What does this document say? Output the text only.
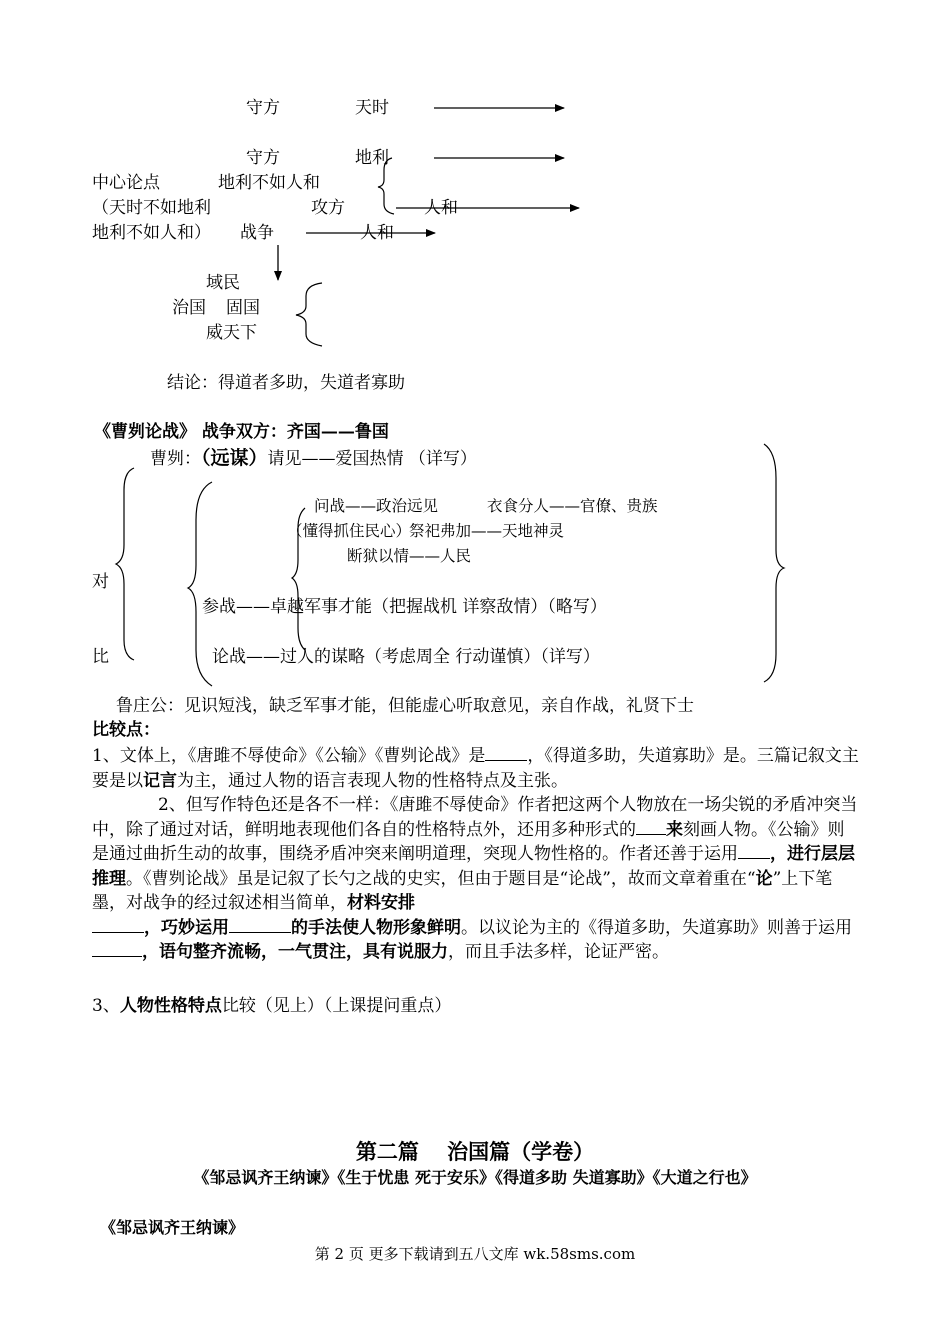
守方	天时
守方	地利
中心论点	地利不如人和
（天时不如地利	攻方	人和
地利不如人和） 战争	人和
域民
治国 固国
威天下
结论：得道者多助，失道者寡助
《曹刿论战》 战争双方：齐国——鲁国
曹刿：（远谋）请见——爱国热情 （详写）
问战——政治远见	衣食分人——官僚、贵族
（懂得抓住民心）
祭祀弗加——天地神灵
断狱以情——人民
对
参战——卓越军事才能（把握战机 详察敌情）（略写）
比	论战——过人的谋略（考虑周全 行动谨慎）（详写）
鲁庄公：见识短浅，缺乏军事才能，但能虚心听取意见，亲自作战，礼贤下士
比较点：
1、文体上，《唐雎不辱使命》《公输》《曹刿论战》是 ，《得道多助，失道寡助》是。三篇记叙文主要是以记言为主，通过人物的语言表现人物的性格特点及主张。
2、但写作特色还是各不一样：《唐雎不辱使命》作者把这两个人物放在一场尖锐的矛盾冲突当中，除了通过对话，鲜明地表现他们各自的性格特点外，还用多种形式的 来刻画人物。《公输》则是通过曲折生动的故事，围绕矛盾冲突来阐明道理，突现人物性格的。作者还善于运用 ，进行层层推理。《曹刿论战》虽是记叙了长勺之战的史实，但由于题目是“论战”，故而文章着重在“论”上下笔墨，对战争的经过叙述相当简单，材料安排
，巧妙运用	的手法使人物形象鲜明。以议论为主的《得道多助，失道寡助》则善于运用，语句整齐流畅，一气贯注，具有说服力，而且手法多样，论证严密。
3、人物性格特点比较（见上）（上课提问重点）
第二篇　 治国篇（学卷）
《邹忌讽齐王纳谏》《生于忧患 死于安乐》《得道多助 失道寡助》《大道之行也》
《邹忌讽齐王纳谏》
第 2 页 更多下载请到五八文库 wk.58sms.com
